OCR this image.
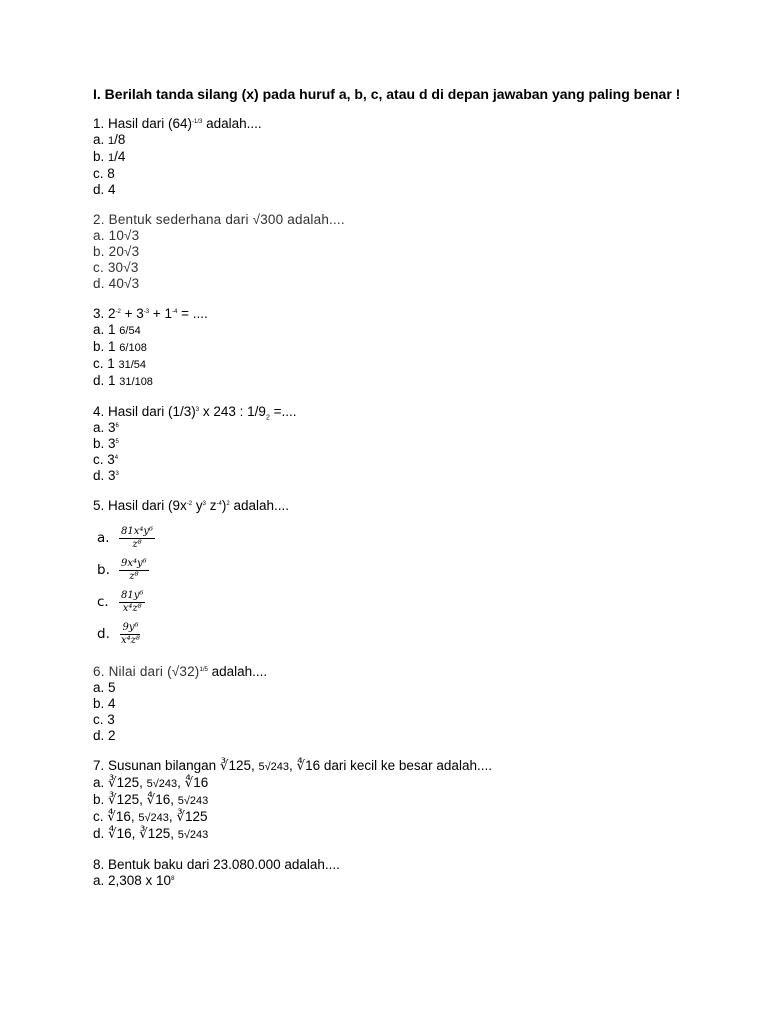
I. Berilah tanda silang (x) pada huruf a, b, c, atau d di depan jawaban yang paling benar !

1. Hasil dari $(64)^{-1/3}$ adalah....
a. 1/8
b. 1/4
c. 8
d. 4
2. Bentuk sederhana dari √300 adalah....
a. 10√3
b. 20√3
c. 30√3
d. 40√3
3. $2^{-2} + 3^{-3} + 1^{-4}$ = ....
a. 1 6/54
b. 1 6/108
c. 1 31/54
d. 1 31/108
4. Hasil dari $(1/3)^3$ x 243 : $1/9_2$ =....
a. $3^6$
b. $3^5$
c. $3^4$
d. $3^3$
5. Hasil dari ($9x^{-2}$ $y^3$ $z^{-4})^2$ adalah....
a. $\frac{\text{81x⁴y⁶}}{\text{z⁸}}$
b. $\frac{\text{9x⁴y⁶}}{\text{z⁸}}$
c.	$\frac{\text{81y⁶}}{\text{x⁴z⁸}}$
d. $\frac{\text{9y⁶}}{\text{x⁴z⁸}}$
6. Nilai dari $(√32)^{1/5}$ adalah....
a. 5
b. 4
c. 3
d. 2
7. Susunan bilangan ∛125, 5√243, ∜16 dari kecil ke besar adalah....
a. ∛125, 5√243, ∜16
b. ∛125, ∜16, 5√243
c. ∜16, 5√243, ∛125
d. ∜16, ∛125, 5√243
8. Bentuk baku dari 23.080.000 adalah....
a. 2,308 x $10^8$
